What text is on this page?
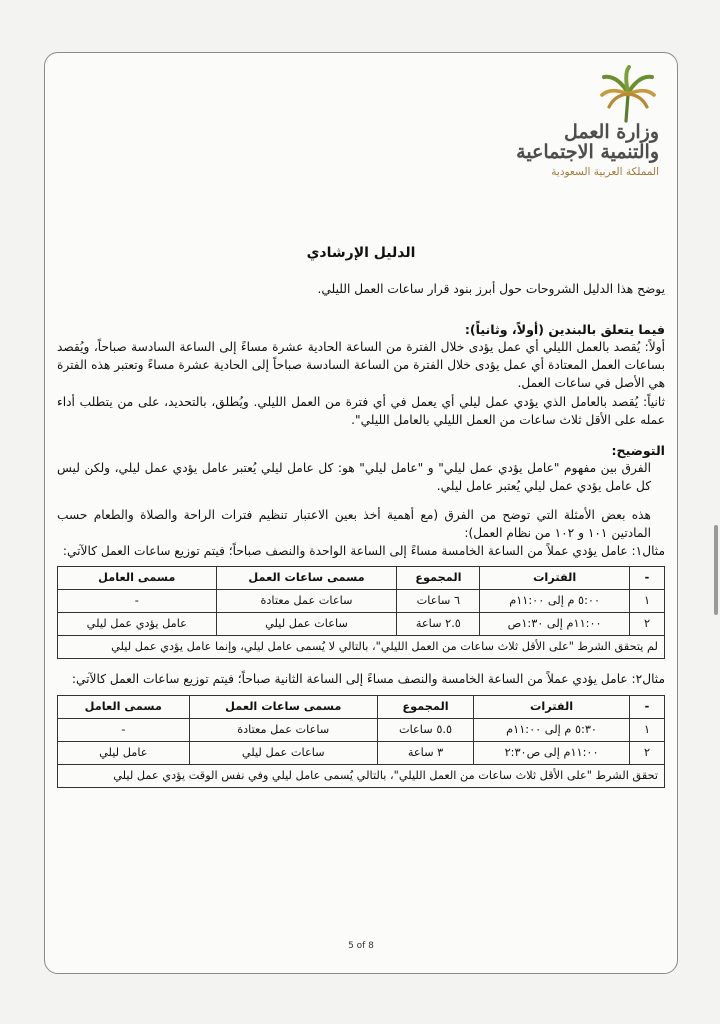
وزارة العمل
والتنمية الاجتماعية
المملكة العربية السعودية

الدليل الإرشادي

يوضح هذا الدليل الشروحات حول أبرز بنود قرار ساعات العمل الليلي.

فيما يتعلق بالبندين (أولاً، وثانياً):

أولاً: يُقصد بالعمل الليلي أي عمل يؤدى خلال الفترة من الساعة الحادية عشرة مساءً إلى الساعة السادسة صباحاً، ويُقصد بساعات العمل المعتادة أي عمل يؤدى خلال الفترة من الساعة السادسة صباحاً إلى الحادية عشرة مساءً وتعتبر هذه الفترة هي الأصل في ساعات العمل.

ثانياً: يُقصد بالعامل الذي يؤدي عمل ليلي أي يعمل في أي فترة من العمل الليلي. ويُطلق، بالتحديد، على من يتطلب أداء عمله على الأقل ثلاث ساعات من العمل الليلي بالعامل الليلي".

التوضيح:

الفرق بين مفهوم "عامل يؤدي عمل ليلي" و "عامل ليلي" هو: كل عامل ليلي يُعتبر عامل يؤدي عمل ليلي، ولكن ليس كل عامل يؤدي عمل ليلي يُعتبر عامل ليلي.

هذه بعض الأمثلة التي توضح من الفرق (مع أهمية أخذ بعين الاعتبار تنظيم فترات الراحة والصلاة والطعام حسب المادتين ١٠١ و ١٠٢ من نظام العمل):

مثال١: عامل يؤدي عملاً من الساعة الخامسة مساءً إلى الساعة الواحدة والنصف صباحاً؛ فيتم توزيع ساعات العمل كالآتي:

-	الفترات	المجموع	مسمى ساعات العمل	مسمى العامل
١	٥:٠٠ م إلى ١١:٠٠م	٦ ساعات	ساعات عمل معتادة	-
٢	١١:٠٠م إلى ١:٣٠ص	٢.٥ ساعة	ساعات عمل ليلي	عامل يؤدي عمل ليلي
لم يتحقق الشرط "على الأقل ثلاث ساعات من العمل الليلي"، بالتالي لا يُسمى عامل ليلي، وإنما عامل يؤدي عمل ليلي				

مثال٢: عامل يؤدي عملاً من الساعة الخامسة والنصف مساءً إلى الساعة الثانية صباحاً؛ فيتم توزيع ساعات العمل كالآتي:

-	الفترات	المجموع	مسمى ساعات العمل	مسمى العامل
١	٥:٣٠ م إلى ١١:٠٠م	٥.٥ ساعات	ساعات عمل معتادة	-
٢	١١:٠٠م إلى ص٢:٣٠	٣ ساعة	ساعات عمل ليلي	عامل ليلي
تحقق الشرط "على الأقل ثلاث ساعات من العمل الليلي"، بالتالي يُسمى عامل ليلي وفي نفس الوقت يؤدي عمل ليلي				
5 of 8
